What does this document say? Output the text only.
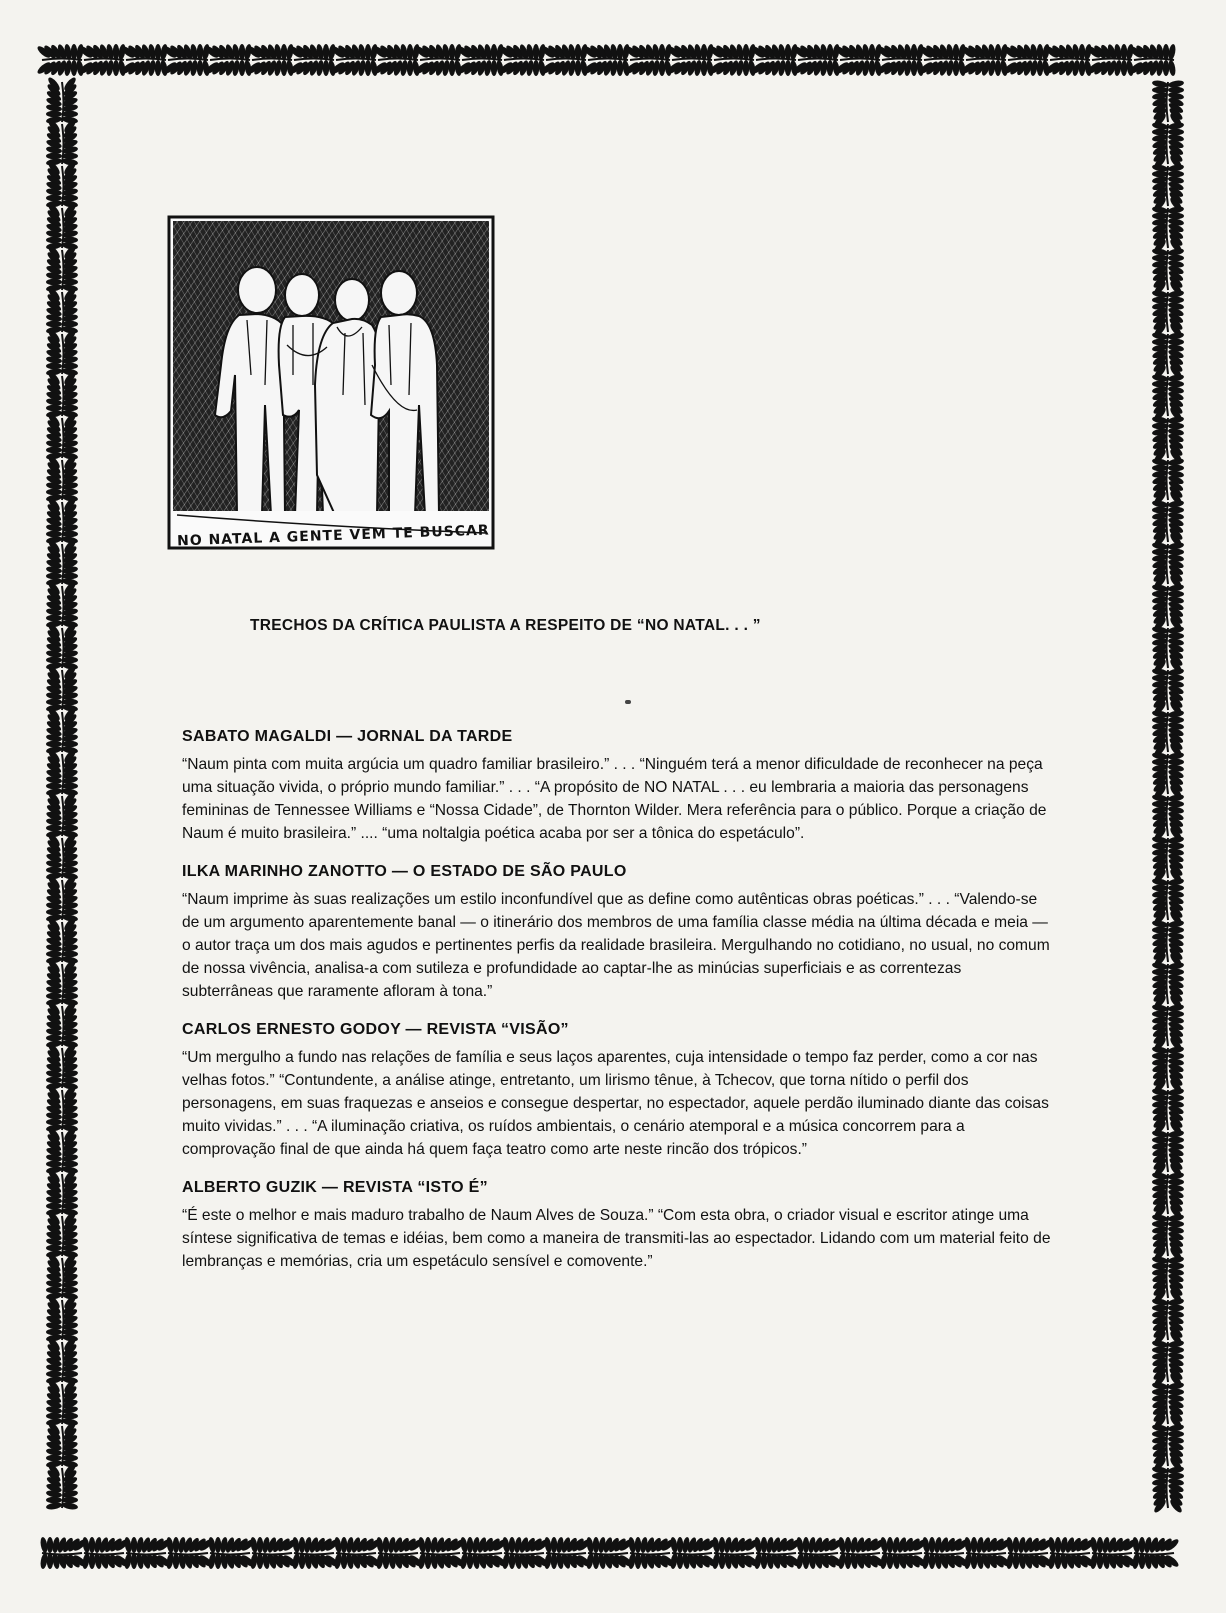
NO NATAL A GENTE VEM TE BUSCAR
TRECHOS DA CRÍTICA PAULISTA A RESPEITO DE “NO NATAL. . . ”
SABATO MAGALDI — JORNAL DA TARDE

“Naum pinta com muita argúcia um quadro familiar brasileiro.” . . . “Ninguém terá a menor dificuldade de reconhecer na peça uma situação vivida, o próprio mundo familiar.” . . . “A propósito de NO NATAL . . . eu lembraria a maioria das personagens femininas de Tennessee Williams e “Nossa Cidade”, de Thornton Wilder. Mera referência para o público. Porque a criação de Naum é muito brasileira.” .... “uma noltalgia poética acaba por ser a tônica do espetáculo”.

ILKA MARINHO ZANOTTO — O ESTADO DE SÃO PAULO

“Naum imprime às suas realizações um estilo inconfundível que as define como autênticas obras poéticas.” . . . “Valendo-se de um argumento aparentemente banal — o itinerário dos membros de uma família classe média na última década e meia — o autor traça um dos mais agudos e pertinentes perfis da realidade brasileira. Mergulhando no cotidiano, no usual, no comum de nossa vivência, analisa-a com sutileza e profundidade ao captar-lhe as minúcias superficiais e as correntezas subterrâneas que raramente afloram à tona.”

CARLOS ERNESTO GODOY — REVISTA “VISÃO”

“Um mergulho a fundo nas relações de família e seus laços aparentes, cuja intensidade o tempo faz perder, como a cor nas velhas fotos.” “Contundente, a análise atinge, entretanto, um lirismo tênue, à Tchecov, que torna nítido o perfil dos personagens, em suas fraquezas e anseios e consegue despertar, no espectador, aquele perdão iluminado diante das coisas muito vividas.” . . . “A iluminação criativa, os ruídos ambientais, o cenário atemporal e a música concorrem para a comprovação final de que ainda há quem faça teatro como arte neste rincão dos trópicos.”

ALBERTO GUZIK — REVISTA “ISTO É”

“É este o melhor e mais maduro trabalho de Naum Alves de Souza.” “Com esta obra, o criador visual e escritor atinge uma síntese significativa de temas e idéias, bem como a maneira de transmiti-las ao espectador. Lidando com um material feito de lembranças e memórias, cria um espetáculo sensível e comovente.”
